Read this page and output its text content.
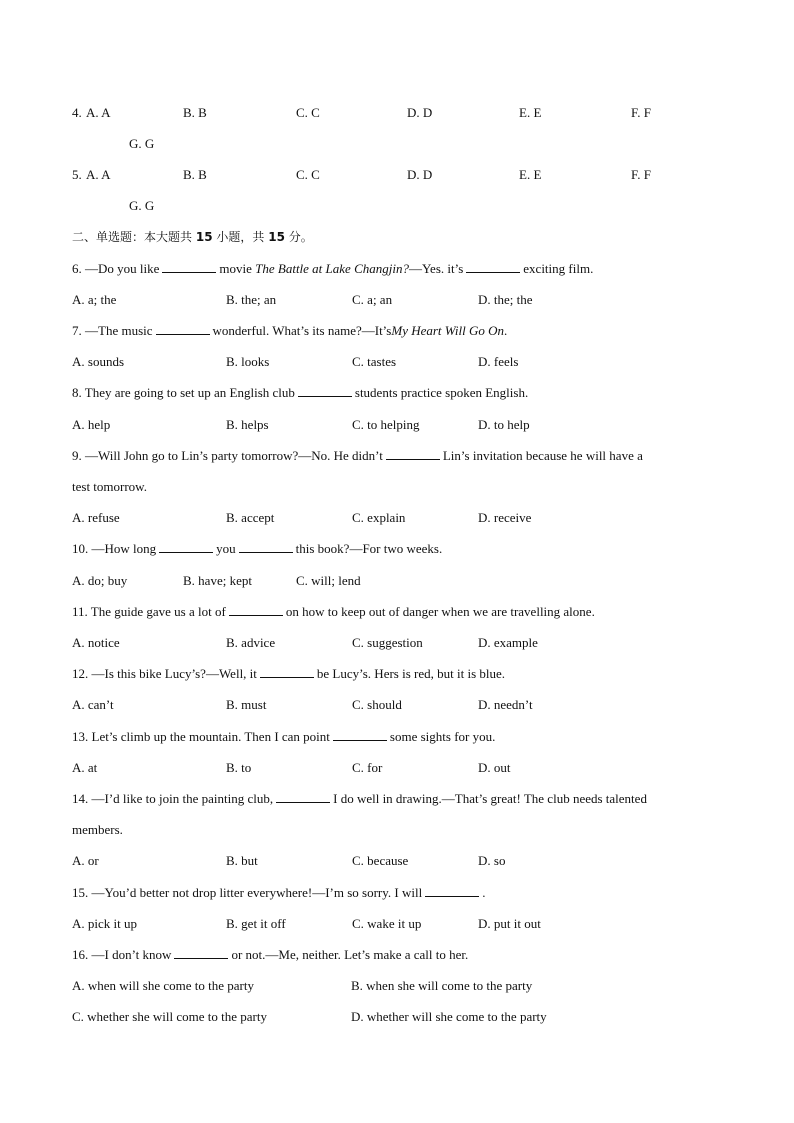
4. A. A	B. B	C. C	D. D	E. E	F. F
G. G
5. A. A	B. B	C. C	D. D	E. E	F. F
G. G
二、单选题：本大题共 15 小题，共 15 分。
6. —Do you like	movie The Battle at Lake Changjin?—Yes. it’s	exciting film.
A. a; the	B. the; an	C. a; an	D. the; the
7. —The music	wonderful. What’s its name?—It’sMy Heart Will Go On.
A. sounds	B. looks	C. tastes	D. feels
8. They are going to set up an English club	students practice spoken English.
A. help	B. helps	C. to helping	D. to help
9. —Will John go to Lin’s party tomorrow?—No. He didn’t	Lin’s invitation because he will have a
test tomorrow.
A. refuse	B. accept	C. explain	D. receive
10. —How long	you	this book?—For two weeks.
A. do; buy	B. have; kept	C. will; lend
11. The guide gave us a lot of	on how to keep out of danger when we are travelling alone.
A. notice	B. advice	C. suggestion	D. example
12. —Is this bike Lucy’s?—Well, it	be Lucy’s. Hers is red, but it is blue.
A. can’t	B. must	C. should	D. needn’t
13. Let’s climb up the mountain. Then I can point	some sights for you.
A. at	B. to	C. for	D. out
14. —I’d like to join the painting club,	I do well in drawing.—That’s great! The club needs talented
members.
A. or	B. but	C. because	D. so
15. —You’d better not drop litter everywhere!—I’m so sorry. I will	.
A. pick it up	B. get it off	C. wake it up	D. put it out
16. —I don’t know	or not.—Me, neither. Let’s make a call to her.
A. when will she come to the party	B. when she will come to the party
C. whether she will come to the party	D. whether will she come to the party
